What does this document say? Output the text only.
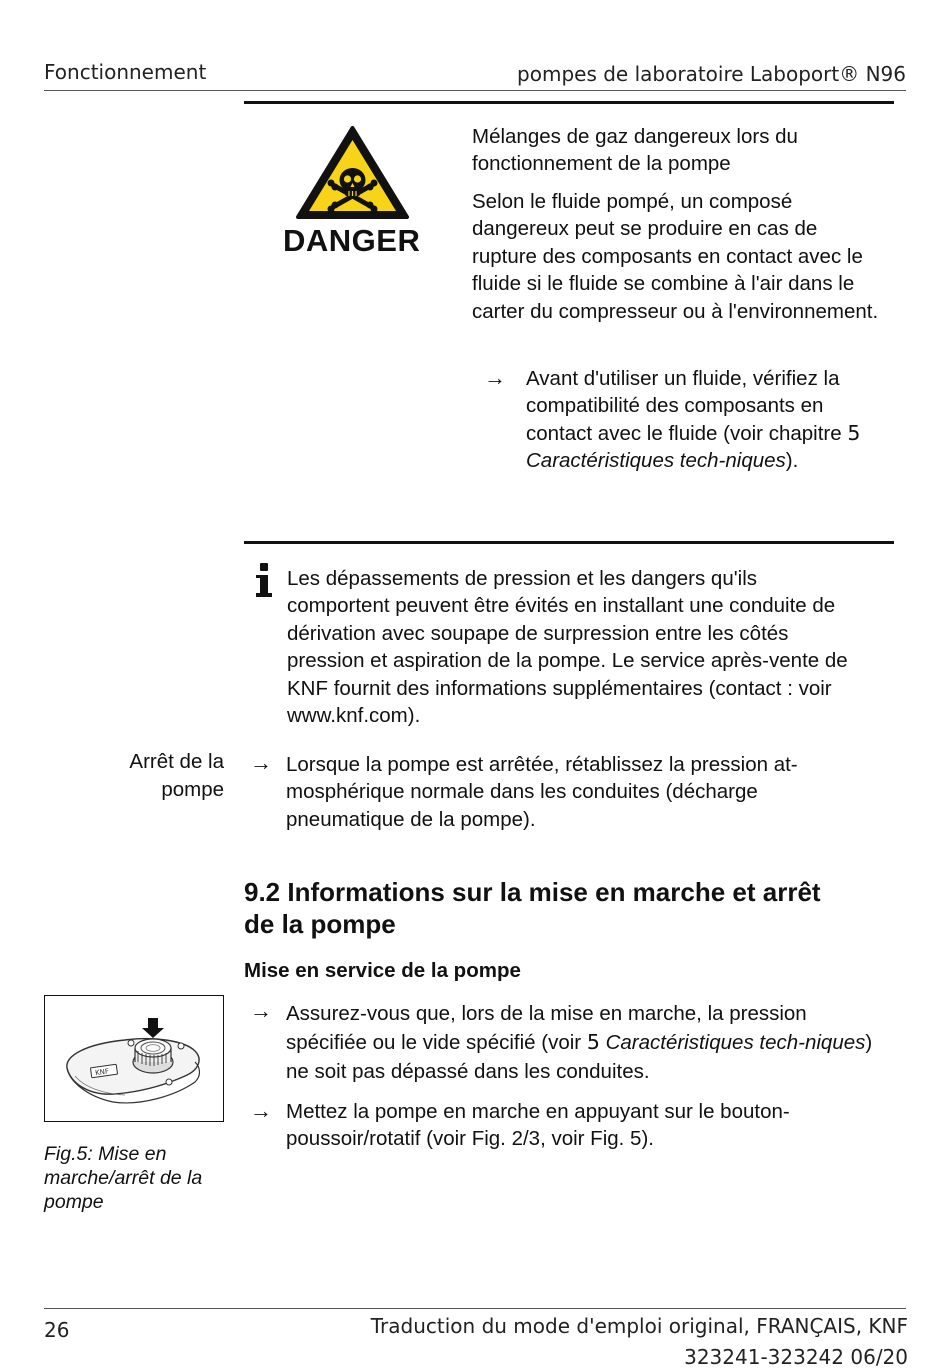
Fonctionnement	pompes de laboratoire Laboport® N96
DANGER

Mélanges de gaz dangereux lors du

fonctionnement de la pompe

Selon le fluide pompé, un composé dangereux peut se produire en cas de rupture des composants en contact avec le fluide si le fluide se combine à l'air dans le carter du compresseur ou à l'environnement.

→ Avant d'utiliser un fluide, vérifiez la compatibilité des composants en contact avec le fluide (voir chapitre 5 Caractéristiques tech-niques).

Les dépassements de pression et les dangers qu'ils comportent peuvent être évités en installant une conduite de dérivation avec soupape de surpression entre les côtés pression et aspiration de la pompe. Le service après-vente de KNF fournit des informations supplémentaires (contact : voir www.knf.com).

Arrêt de la
pompe
→ Lorsque la pompe est arrêtée, rétablissez la pression at-mosphérique normale dans les conduites (décharge pneumatique de la pompe).

9.2 Informations sur la mise en marche et arrêt
de la pompe
Mise en service de la pompe
→ Assurez-vous que, lors de la mise en marche, la pression spécifiée ou le vide spécifié (voir 5 Caractéristiques tech-niques) ne soit pas dépassé dans les conduites.

→ Mettez la pompe en marche en appuyant sur le bouton-poussoir/rotatif (voir Fig. 2/3, voir Fig. 5).

KNF
Fig.5: Mise en
marche/arrêt de la
pompe
26	Traduction du mode d'emploi original, FRANÇAIS, KNF
323241-323242 06/20
